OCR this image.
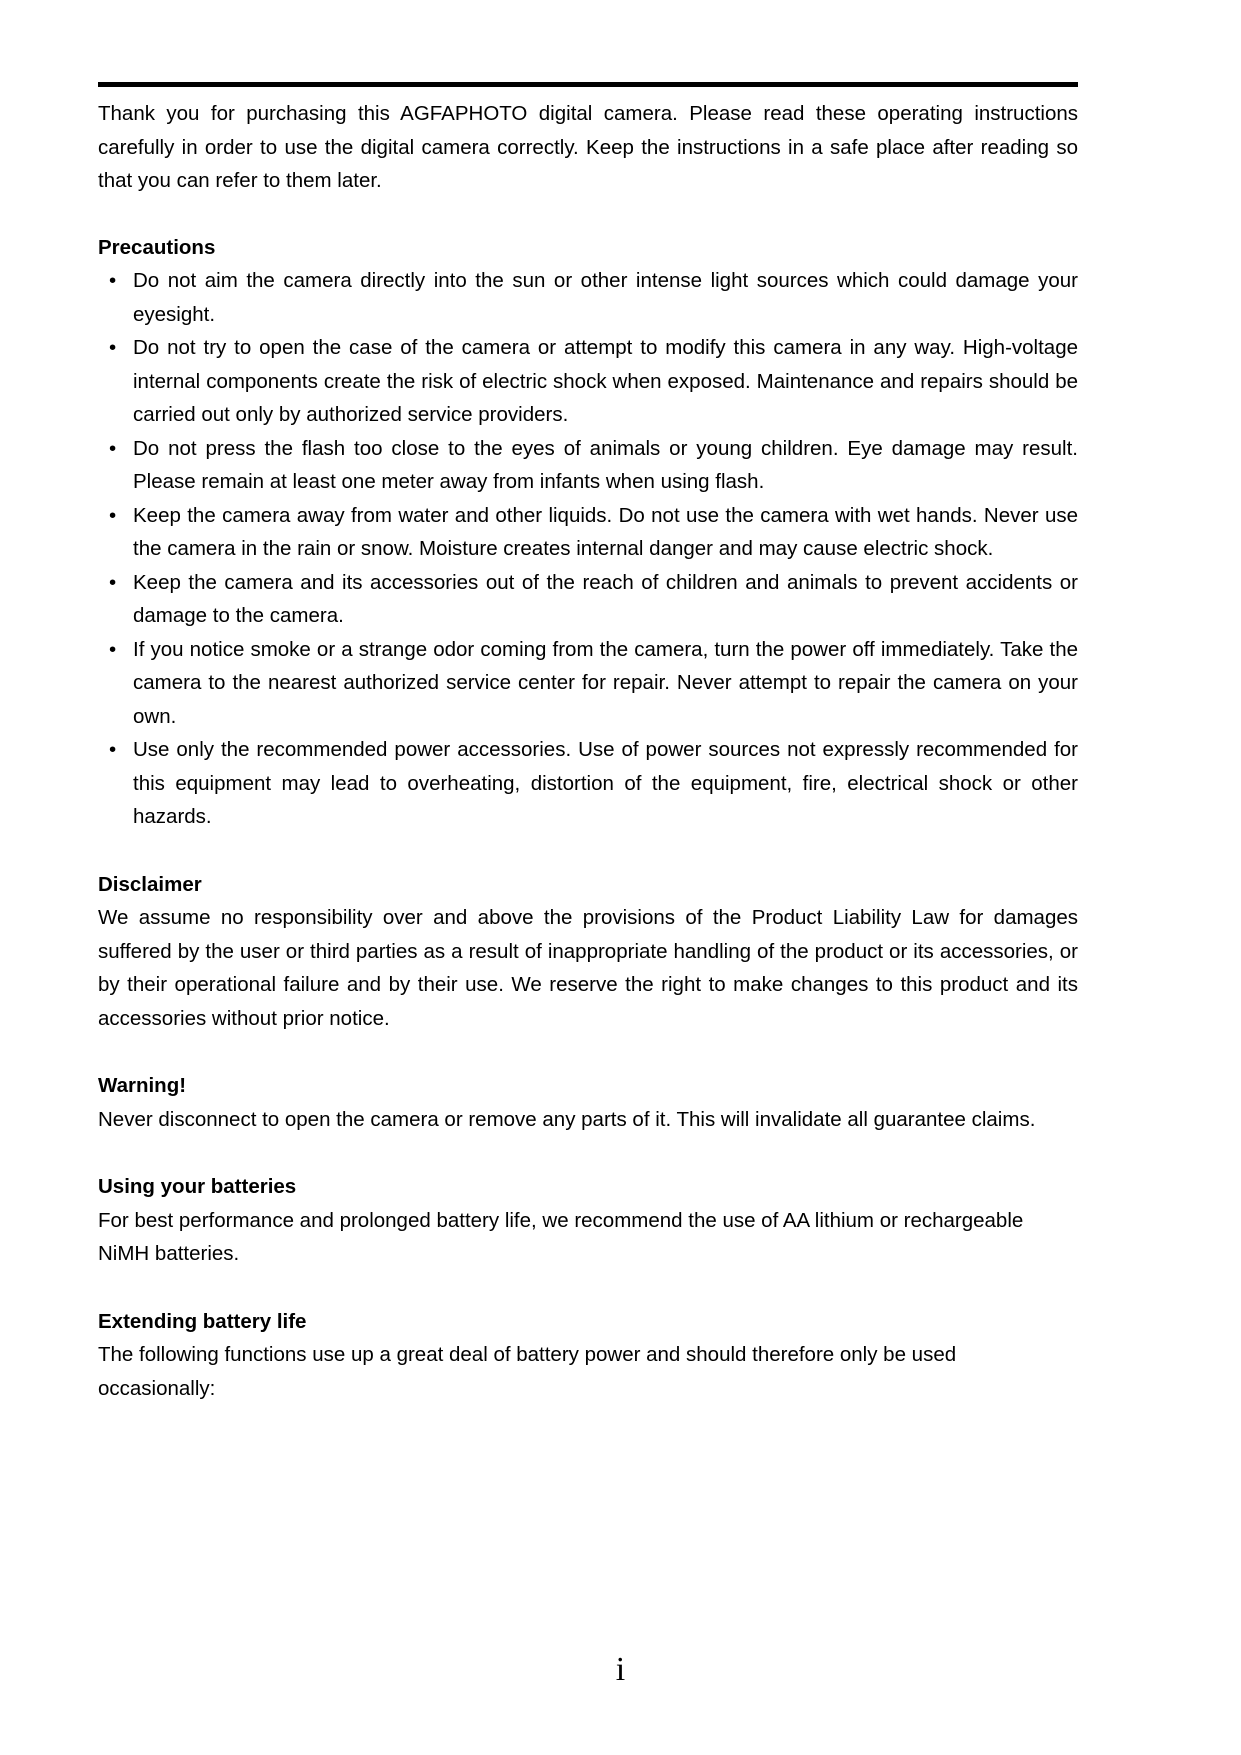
Thank you for purchasing this AGFAPHOTO digital camera. Please read these operating instructions carefully in order to use the digital camera correctly. Keep the instructions in a safe place after reading so that you can refer to them later.

Precautions
• Do not aim the camera directly into the sun or other intense light sources which could damage your eyesight.
• Do not try to open the case of the camera or attempt to modify this camera in any way. High-voltage internal components create the risk of electric shock when exposed. Maintenance and repairs should be carried out only by authorized service providers.
• Do not press the flash too close to the eyes of animals or young children. Eye damage may result. Please remain at least one meter away from infants when using flash.
• Keep the camera away from water and other liquids. Do not use the camera with wet hands. Never use the camera in the rain or snow. Moisture creates internal danger and may cause electric shock.
• Keep the camera and its accessories out of the reach of children and animals to prevent accidents or damage to the camera.
• If you notice smoke or a strange odor coming from the camera, turn the power off immediately. Take the camera to the nearest authorized service center for repair. Never attempt to repair the camera on your own.
• Use only the recommended power accessories. Use of power sources not expressly recommended for this equipment may lead to overheating, distortion of the equipment, fire, electrical shock or other hazards.
Disclaimer

We assume no responsibility over and above the provisions of the Product Liability Law for damages suffered by the user or third parties as a result of inappropriate handling of the product or its accessories, or by their operational failure and by their use. We reserve the right to make changes to this product and its accessories without prior notice.

Warning!

Never disconnect to open the camera or remove any parts of it. This will invalidate all guarantee claims.

Using your batteries

For best performance and prolonged battery life, we recommend the use of AA lithium or rechargeable NiMH batteries.

Extending battery life

The following functions use up a great deal of battery power and should therefore only be used occasionally:

i
